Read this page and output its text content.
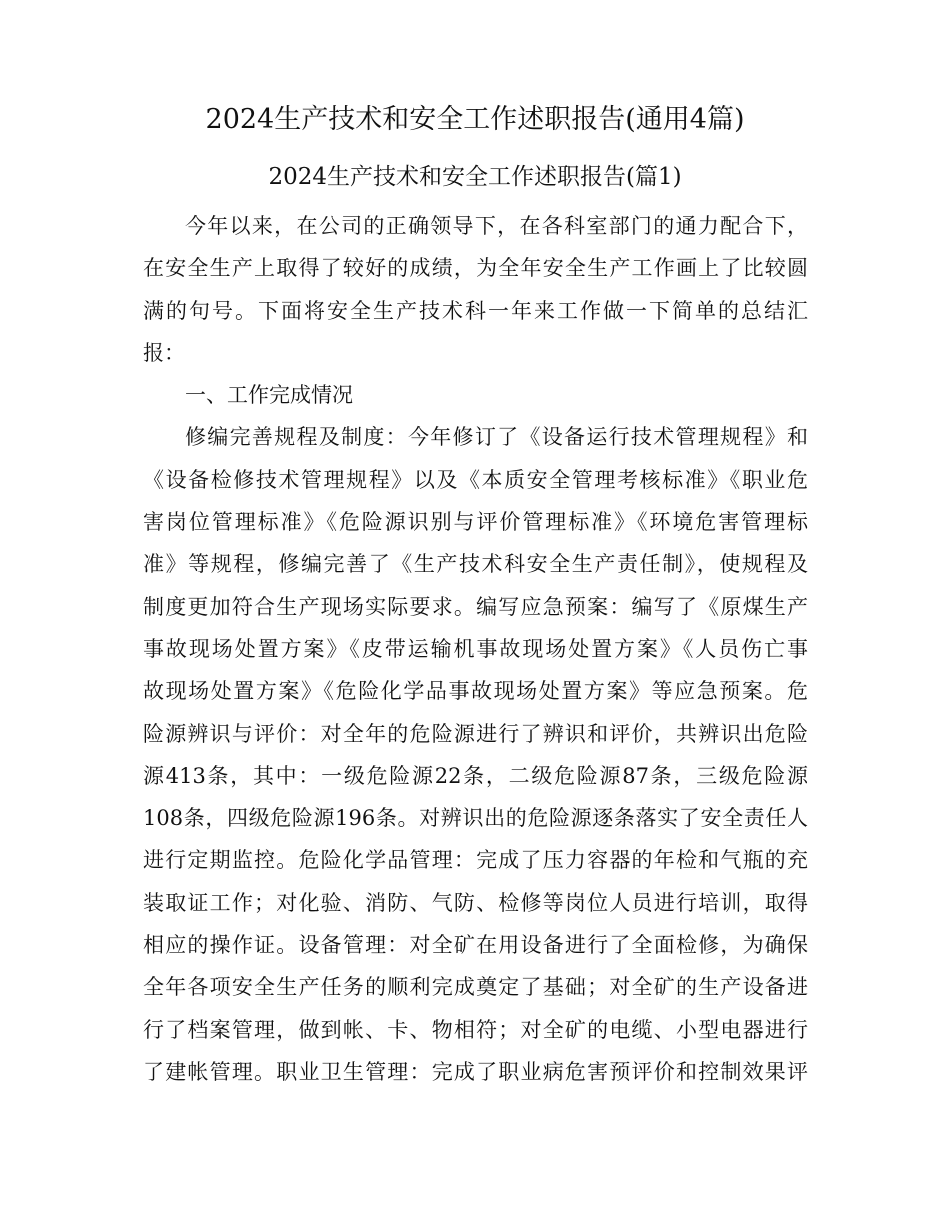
2024生产技术和安全工作述职报告(通用4篇)
2024生产技术和安全工作述职报告(篇1)
今年以来，在公司的正确领导下，在各科室部门的通力配合下，
在安全生产上取得了较好的成绩，为全年安全生产工作画上了比较圆
满的句号。下面将安全生产技术科一年来工作做一下简单的总结汇
报：
一、工作完成情况
修编完善规程及制度：今年修订了《设备运行技术管理规程》和
《设备检修技术管理规程》以及《本质安全管理考核标准》《职业危
害岗位管理标准》《危险源识别与评价管理标准》《环境危害管理标
准》等规程，修编完善了《生产技术科安全生产责任制》，使规程及
制度更加符合生产现场实际要求。编写应急预案：编写了《原煤生产
事故现场处置方案》《皮带运输机事故现场处置方案》《人员伤亡事
故现场处置方案》《危险化学品事故现场处置方案》等应急预案。危
险源辨识与评价：对全年的危险源进行了辨识和评价，共辨识出危险
源413条，其中：一级危险源22条，二级危险源87条，三级危险源
108条，四级危险源196条。对辨识出的危险源逐条落实了安全责任人
进行定期监控。危险化学品管理：完成了压力容器的年检和气瓶的充
装取证工作；对化验、消防、气防、检修等岗位人员进行培训，取得
相应的操作证。设备管理：对全矿在用设备进行了全面检修，为确保
全年各项安全生产任务的顺利完成奠定了基础；对全矿的生产设备进
行了档案管理，做到帐、卡、物相符；对全矿的电缆、小型电器进行
了建帐管理。职业卫生管理：完成了职业病危害预评价和控制效果评
